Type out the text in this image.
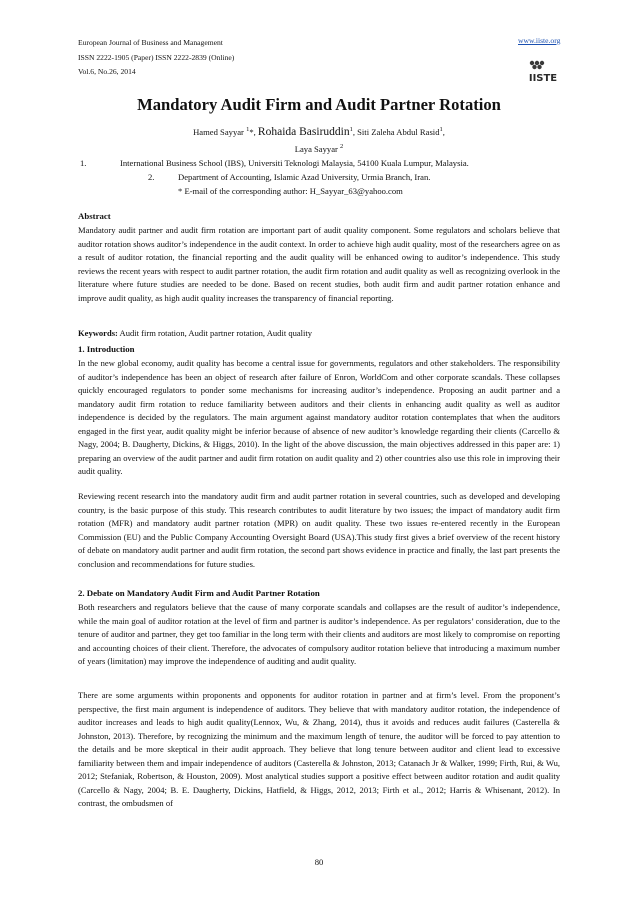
European Journal of Business and Management
ISSN 2222-1905 (Paper) ISSN 2222-2839 (Online)
Vol.6, No.26, 2014
www.iiste.org
IISTE
Mandatory Audit Firm and Audit Partner Rotation
Hamed Sayyar $^1$*, Rohaida Basiruddin$^1$, Siti Zaleha Abdul Rasid$^1$,
Laya Sayyar $^2$
1.	International Business School (IBS), Universiti Teknologi Malaysia, 54100 Kuala Lumpur, Malaysia.
2.	Department of Accounting, Islamic Azad University, Urmia Branch, Iran.
* E-mail of the corresponding author: H_Sayyar_63@yahoo.com
Abstract
Mandatory audit partner and audit firm rotation are important part of audit quality component. Some regulators and scholars believe that auditor rotation shows auditor’s independence in the audit context. In order to achieve high audit quality, most of the researchers agree on as a result of auditor rotation, the financial reporting and the audit quality will be enhanced owing to auditor’s independence. This study reviews the recent years with respect to audit partner rotation, the audit firm rotation and audit quality as well as recognizing overlook in the literature where future studies are needed to be done. Based on recent studies, both audit firm and audit partner rotation enhance and improve audit quality, as high audit quality increases the transparency of financial reporting.
Keywords: Audit firm rotation, Audit partner rotation, Audit quality
1. Introduction
In the new global economy, audit quality has become a central issue for governments, regulators and other stakeholders. The responsibility of auditor’s independence has been an object of research after failure of Enron, WorldCom and other corporate scandals. These collapses quickly encouraged regulators to ponder some mechanisms for increasing auditor’s independence. Proposing an audit partner and a mandatory audit firm rotation to reduce familiarity between auditors and their clients in enhancing audit quality as well as auditor independence is decided by the regulators. The main argument against mandatory auditor rotation contemplates that when the auditors engaged in the first year, audit quality might be inferior because of absence of new auditor’s knowledge regarding their clients (Carcello & Nagy, 2004; B. Daugherty, Dickins, & Higgs, 2010). In the light of the above discussion, the main objectives addressed in this paper are: 1) preparing an overview of the audit partner and audit firm rotation on audit quality and 2) other countries also use this role in improving their audit quality.
Reviewing recent research into the mandatory audit firm and audit partner rotation in several countries, such as developed and developing country, is the basic purpose of this study. This research contributes to audit literature by two issues; the impact of mandatory audit firm rotation (MFR) and mandatory audit partner rotation (MPR) on audit quality. These two issues re-entered recently in the European Commission (EU) and the Public Company Accounting Oversight Board (USA).This study first gives a brief overview of the recent history of debate on mandatory audit partner and audit firm rotation, the second part shows evidence in practice and finally, the last part presents the conclusion and recommendations for future studies.
2. Debate on Mandatory Audit Firm and Audit Partner Rotation
Both researchers and regulators believe that the cause of many corporate scandals and collapses are the result of auditor’s independence, while the main goal of auditor rotation at the level of firm and partner is auditor’s independence. As per regulators’ consideration, due to the tenure of auditor and partner, they get too familiar in the long term with their clients and auditors are most likely to compromise on reporting and accounting choices of their client. Therefore, the advocates of compulsory auditor rotation believe that introducing a maximum number of years (limitation) may improve the independence of auditing and audit quality.
There are some arguments within proponents and opponents for auditor rotation in partner and at firm’s level. From the proponent’s perspective, the first main argument is independence of auditors. They believe that with mandatory auditor rotation, the independence of auditor increases and leads to high audit quality(Lennox, Wu, & Zhang, 2014), thus it avoids and reduces audit failures (Casterella & Johnston, 2013). Therefore, by recognizing the minimum and the maximum length of tenure, the auditor will be forced to pay attention to the details and be more skeptical in their audit approach. They believe that long tenure between auditor and client lead to excessive familiarity between them and impair independence of auditors (Casterella & Johnston, 2013; Catanach Jr & Walker, 1999; Firth, Rui, & Wu, 2012; Stefaniak, Robertson, & Houston, 2009). Most analytical studies support a positive effect between auditor rotation and audit quality (Carcello & Nagy, 2004; B. E. Daugherty, Dickins, Hatfield, & Higgs, 2012, 2013; Firth et al., 2012; Harris & Whisenant, 2012). In contrast, the ombudsmen of
80
